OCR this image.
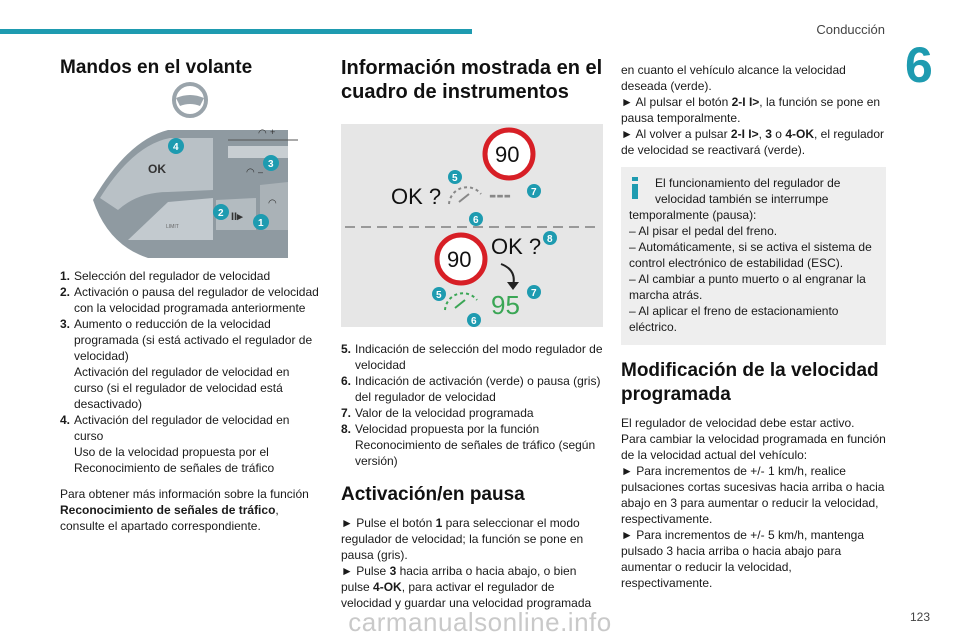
Conducción
6
Mandos en el volante
OK
LIMIT
II▸
◠ +
◠ –
◠
4
3
2
1
1. Selección del regulador de velocidad
2. Activación o pausa del regulador de velocidad con la velocidad programada anteriormente
3. Aumento o reducción de la velocidad programada (si está activado el regulador de velocidad)
Activación del regulador de velocidad en curso (si el regulador de velocidad está desactivado)
4. Activación del regulador de velocidad en curso
Uso de la velocidad propuesta por el Reconocimiento de señales de tráfico

Para obtener más información sobre la función Reconocimiento de señales de tráfico, consulte el apartado correspondiente.

Información mostrada en el cuadro de instrumentos
90
OK ? ---
5
6
7
90
OK ? 8
95
5
6
7
5. Indicación de selección del modo regulador de velocidad
6. Indicación de activación (verde) o pausa (gris) del regulador de velocidad
7. Valor de la velocidad programada
8. Velocidad propuesta por la función Reconocimiento de señales de tráfico (según versión)
Activación/en pausa

► Pulse el botón 1 para seleccionar el modo regulador de velocidad; la función se pone en pausa (gris).

► Pulse 3 hacia arriba o hacia abajo, o bien pulse 4-OK, para activar el regulador de velocidad y guardar una velocidad programada

en cuanto el vehículo alcance la velocidad deseada (verde).

► Al pulsar el botón 2-I I>, la función se pone en pausa temporalmente.

► Al volver a pulsar 2-I I>, 3 o 4-OK, el regulador de velocidad se reactivará (verde).

El funcionamiento del regulador de velocidad también se interrumpe

temporalmente (pausa):

– Al pisar el pedal del freno.

– Automáticamente, si se activa el sistema de control electrónico de estabilidad (ESC).

– Al cambiar a punto muerto o al engranar la marcha atrás.

– Al aplicar el freno de estacionamiento eléctrico.

Modificación de la velocidad programada

El regulador de velocidad debe estar activo.

Para cambiar la velocidad programada en función de la velocidad actual del vehículo:

► Para incrementos de +/- 1 km/h, realice pulsaciones cortas sucesivas hacia arriba o hacia abajo en 3 para aumentar o reducir la velocidad, respectivamente.

► Para incrementos de +/- 5 km/h, mantenga pulsado 3 hacia arriba o hacia abajo para aumentar o reducir la velocidad, respectivamente.

123
carmanualsonline.info
